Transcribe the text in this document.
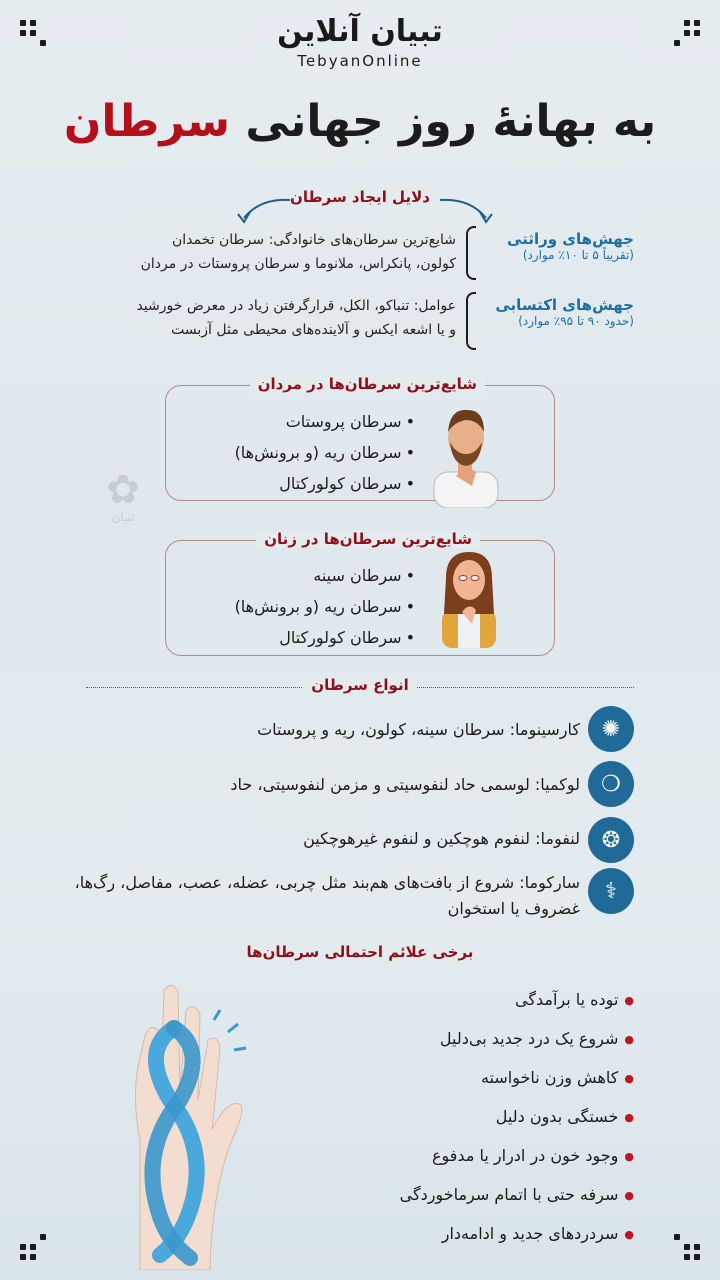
تبیان آنلاین
TebyanOnline
به بهانۀ روز جهانی سرطان
دلایل ایجاد سرطان
جهش‌های وراثتی
(تقریباً ۵ تا ۱۰٪ موارد)
شایع‌ترین سرطان‌های خانوادگی: سرطان تخمدان
کولون، پانکراس، ملانوما و سرطان پروستات در مردان
جهش‌های اکتسابی
(حدود ۹۰ تا ۹۵٪ موارد)
عوامل: تنباکو، الکل، قرارگرفتن زیاد در معرض خورشید
و یا اشعه ایکس و آلاینده‌های محیطی مثل آزبست
✿
تبیان
شایع‌ترین سرطان‌ها در مردان
• سرطان پروستات
• سرطان ریه (و برونش‌ها)
• سرطان کولورکتال
شایع‌ترین سرطان‌ها در زنان
• سرطان سینه
• سرطان ریه (و برونش‌ها)
• سرطان کولورکتال
انواع سرطان
✺
کارسینوما: سرطان سینه، کولون، ریه و پروستات
❍
لوکمیا: لوسمی حاد لنفوسیتی و مزمن لنفوسیتی، حاد
❂
لنفوما: لنفوم هوچکین و لنفوم غیرهوچکین
⚕
سارکوما: شروع از بافت‌های هم‌بند مثل چربی، عضله، عصب، مفاصل، رگ‌ها، غضروف یا استخوان
برخی علائم احتمالی سرطان‌ها
● توده یا برآمدگی
● شروع یک درد جدید بی‌دلیل
● کاهش وزن ناخواسته
● خستگی بدون دلیل
● وجود خون در ادرار یا مدفوع
● سرفه حتی با اتمام سرماخوردگی
● سردردهای جدید و ادامه‌دار
